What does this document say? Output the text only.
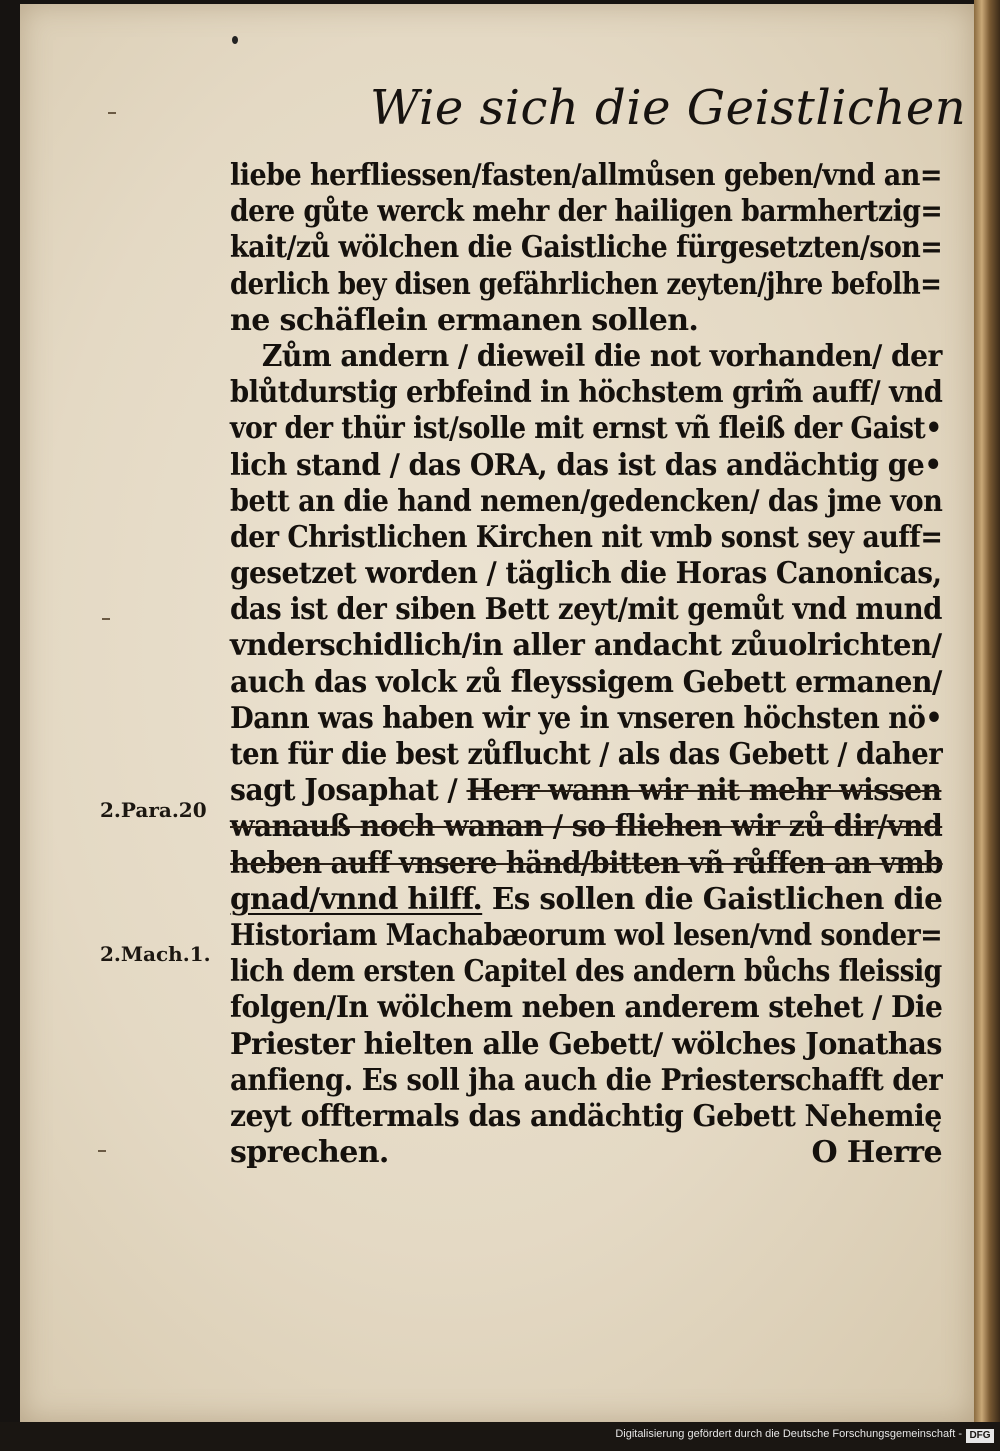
Wie sich die Geistlichen
liebe herfliessen/fasten/allmůsen geben/vnd an=
dere gůte werck mehr der hailigen barmhertzig=
kait/zů wölchen die Gaistliche fürgesetzten/son=
derlich bey disen gefährlichen zeyten/jhre befolh=
ne schäflein ermanen sollen.
Zům andern / dieweil die not vorhanden/ der
blůtdurstig erbfeind in höchstem grim̃ auff/ vnd
vor der thür ist/solle mit ernst vñ fleiß der Gaist•
lich stand / das ORA, das ist das andächtig ge•
bett an die hand nemen/gedencken/ das jme von
der Christlichen Kirchen nit vmb sonst sey auff=
gesetzet worden / täglich die Horas Canonicas,
das ist der siben Bett zeyt/mit gemůt vnd mund
vnderschidlich/in aller andacht zůuolrichten/
auch das volck zů fleyssigem Gebett ermanen/
Dann was haben wir ye in vnseren höchsten nö•
ten für die best zůflucht / als das Gebett / daher
sagt Josaphat / Herr wann wir nit mehr wissen
wanauß noch wanan / so fliehen wir zů dir/vnd
heben auff vnsere händ/bitten vñ růffen an vmb
gnad/vnnd hilff. Es sollen die Gaistlichen die
Historiam Machabæorum wol lesen/vnd sonder=
lich dem ersten Capitel des andern bůchs fleissig
folgen/In wölchem neben anderem stehet / Die
Priester hielten alle Gebett/ wölches Jonathas
anfieng. Es soll jha auch die Priesterschafft der
zeyt offtermals das andächtig Gebett Nehemię
sprechen.	O Herre
2.Para.20
2.Mach.1.
Digitalisierung gefördert durch die Deutsche Forschungsgemeinschaft - DFG
